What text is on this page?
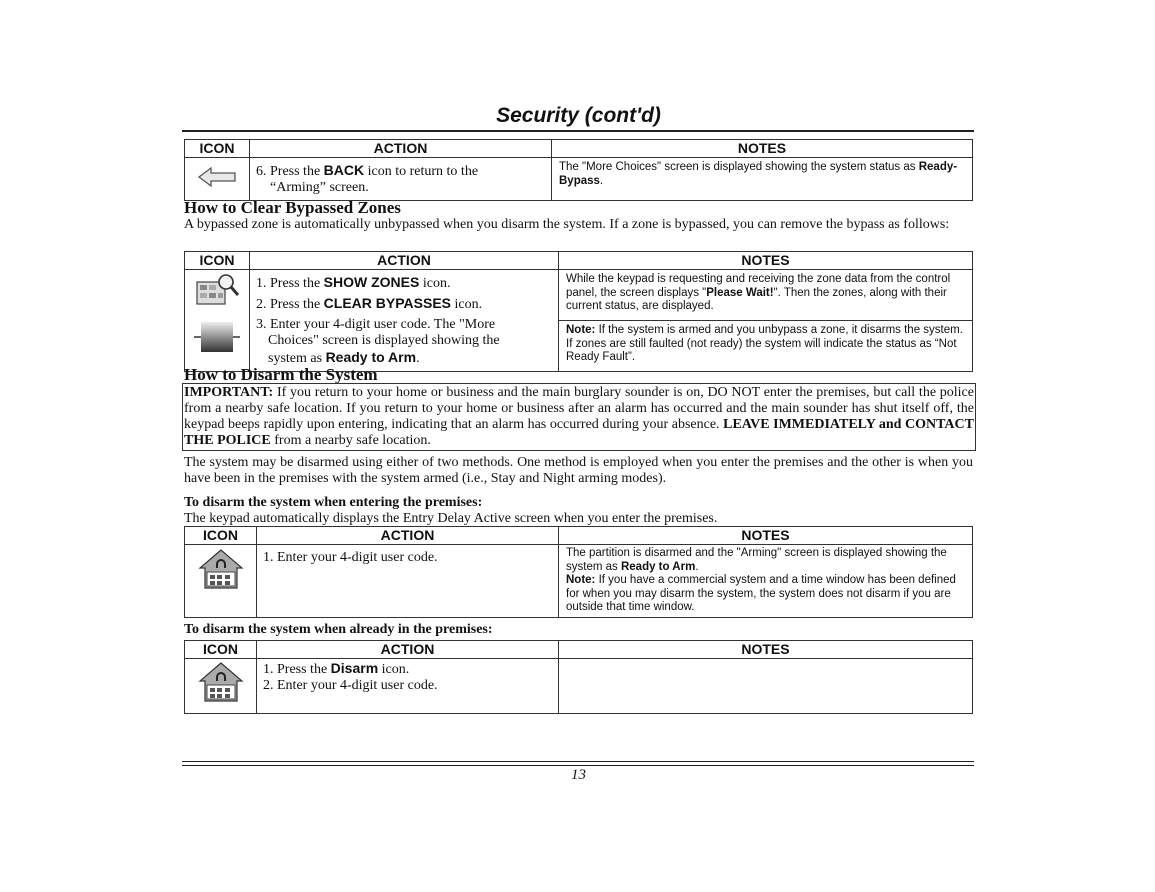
Security (cont'd)
ICON	ACTION	NOTES

	6. Press the BACK icon to return to the
“Arming” screen.	The "More Choices" screen is displayed showing the system status as Ready-Bypass.
How to Clear Bypassed Zones
A bypassed zone is automatically unbypassed when you disarm the system. If a zone is bypassed, you can remove the bypass as follows:
ICON	ACTION	NOTES

1. Press the SHOW ZONES icon.
2. Press the CLEAR BYPASSES icon.
3. Enter your 4-digit user code. The "More
Choices" screen is displayed showing the
system as Ready to Arm.	While the keypad is requesting and receiving the zone data from the control panel, the screen displays "Please Wait!". Then the zones, along with their current status, are displayed.
		Note: If the system is armed and you unbypass a zone, it disarms the system. If zones are still faulted (not ready) the system will indicate the status as “Not Ready Fault”.
How to Disarm the System
IMPORTANT: If you return to your home or business and the main burglary sounder is on, DO NOT enter the premises, but call the police from a nearby safe location. If you return to your home or business after an alarm has occurred and the main sounder has shut itself off, the keypad beeps rapidly upon entering, indicating that an alarm has occurred during your absence. LEAVE IMMEDIATELY and CONTACT THE POLICE from a nearby safe location.
The system may be disarmed using either of two methods. One method is employed when you enter the premises and the other is when you have been in the premises with the system armed (i.e., Stay and Night arming modes).
To disarm the system when entering the premises:
The keypad automatically displays the Entry Delay Active screen when you enter the premises.
ICON	ACTION	NOTES

	1. Enter your 4-digit user code.	The partition is disarmed and the "Arming" screen is displayed showing the system as Ready to Arm.
Note: If you have a commercial system and a time window has been defined for when you may disarm the system, the system does not disarm if you are outside that time window.
To disarm the system when already in the premises:
ICON	ACTION	NOTES

1. Press the Disarm icon.
2. Enter your 4-digit user code.	

13
